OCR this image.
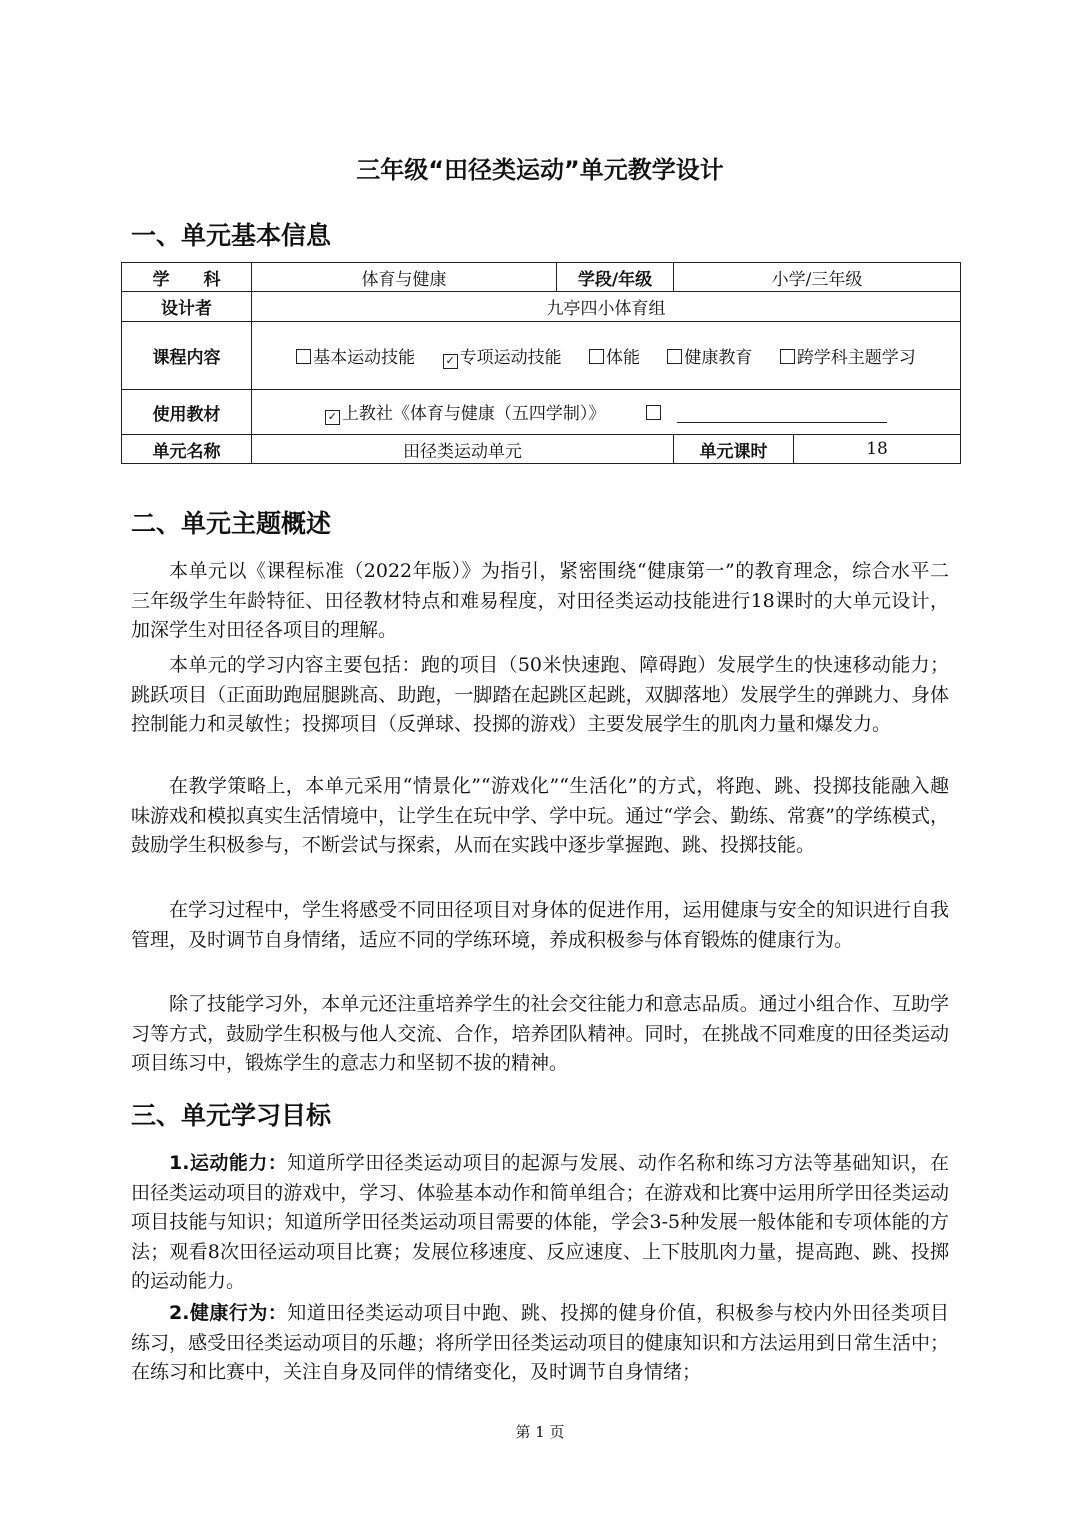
三年级“田径类运动”单元教学设计
一、单元基本信息
学　　科	体育与健康	学段/年级	小学/三年级	
设计者	九亭四小体育组			
课程内容	基本运动技能 ✓ 专项运动技能 体能 健康教育 跨学科主题学习			
使用教材	✓ 上教社《体育与健康（五四学制）》			
单元名称	田径类运动单元		单元课时	18
二、单元主题概述

本单元以《课程标准（2022年版）》为指引，紧密围绕“健康第一”的教育理念，综合水平二三年级学生年龄特征、田径教材特点和难易程度，对田径类运动技能进行18课时的大单元设计，加深学生对田径各项目的理解。

本单元的学习内容主要包括：跑的项目（50米快速跑、障碍跑）发展学生的快速移动能力；跳跃项目（正面助跑屈腿跳高、助跑，一脚踏在起跳区起跳，双脚落地）发展学生的弹跳力、身体控制能力和灵敏性；投掷项目（反弹球、投掷的游戏）主要发展学生的肌肉力量和爆发力。

在教学策略上，本单元采用“情景化”“游戏化”“生活化”的方式，将跑、跳、投掷技能融入趣味游戏和模拟真实生活情境中，让学生在玩中学、学中玩。通过“学会、勤练、常赛”的学练模式，鼓励学生积极参与，不断尝试与探索，从而在实践中逐步掌握跑、跳、投掷技能。

在学习过程中，学生将感受不同田径项目对身体的促进作用，运用健康与安全的知识进行自我管理，及时调节自身情绪，适应不同的学练环境，养成积极参与体育锻炼的健康行为。

除了技能学习外，本单元还注重培养学生的社会交往能力和意志品质。通过小组合作、互助学习等方式，鼓励学生积极与他人交流、合作，培养团队精神。同时，在挑战不同难度的田径类运动项目练习中，锻炼学生的意志力和坚韧不拔的精神。

三、单元学习目标

1.运动能力：知道所学田径类运动项目的起源与发展、动作名称和练习方法等基础知识，在田径类运动项目的游戏中，学习、体验基本动作和简单组合；在游戏和比赛中运用所学田径类运动项目技能与知识；知道所学田径类运动项目需要的体能，学会3-5种发展一般体能和专项体能的方法；观看8次田径运动项目比赛；发展位移速度、反应速度、上下肢肌肉力量，提高跑、跳、投掷的运动能力。

2.健康行为：知道田径类运动项目中跑、跳、投掷的健身价值，积极参与校内外田径类项目练习，感受田径类运动项目的乐趣；将所学田径类运动项目的健康知识和方法运用到日常生活中；在练习和比赛中，关注自身及同伴的情绪变化，及时调节自身情绪；

第 1 页
